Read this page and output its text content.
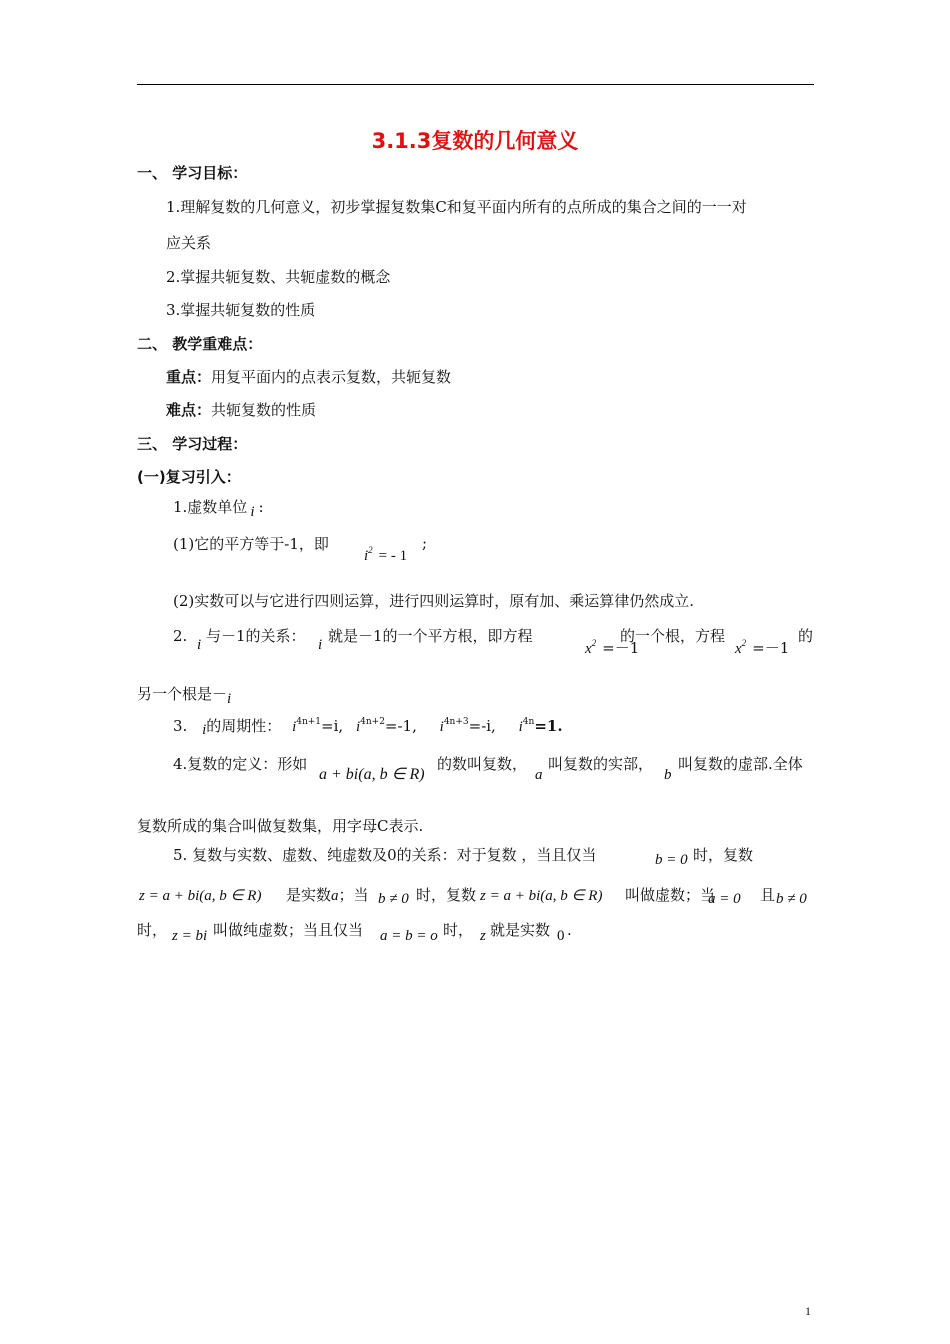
3.1.3复数的几何意义
一、 学习目标：
1.理解复数的几何意义，初步掌握复数集C和复平面内所有的点所成的集合之间的一一对
应关系
2.掌握共轭复数、共轭虚数的概念
3.掌握共轭复数的性质
二、 教学重难点：
重点：用复平面内的点表示复数，共轭复数
难点：共轭复数的性质
三、 学习过程：
(一)复习引入：
1.虚数单位 i :
(1)它的平方等于-1，即
$i^2$ = - 1
;
(2)实数可以与它进行四则运算，进行四则运算时，原有加、乘运算律仍然成立.
2. i 与－1的关系： i 就是－1的一个平方根，即方程
$x^2 =-1$
的一个根，方程
$x^2 =-1$
的
另一个根是－i
3. i的周期性： $i^{4n+1}=i$, $i^{4n+2}=-1$, $i^{4n+3}=-i$, $i^{4n}=1$.
4.复数的定义：形如
a + bi(a, b ∈ R)
的数叫复数，
a
叫复数的实部，
b
叫复数的虚部.全体
复数所成的集合叫做复数集，用字母C表示.
5. 复数与实数、虚数、纯虚数及0的关系：对于复数 ，当且仅当	b = 0 时，复数
z = a + bi(a, b ∈ R) 是实数a；当 b ≠ 0 时，复数 z = a + bi(a, b ∈ R) 叫做虚数；当
a = 0 且 b ≠ 0
时， z = bi 叫做纯虚数；当且仅当 a = b = o 时， z 就是实数 0 .
1
